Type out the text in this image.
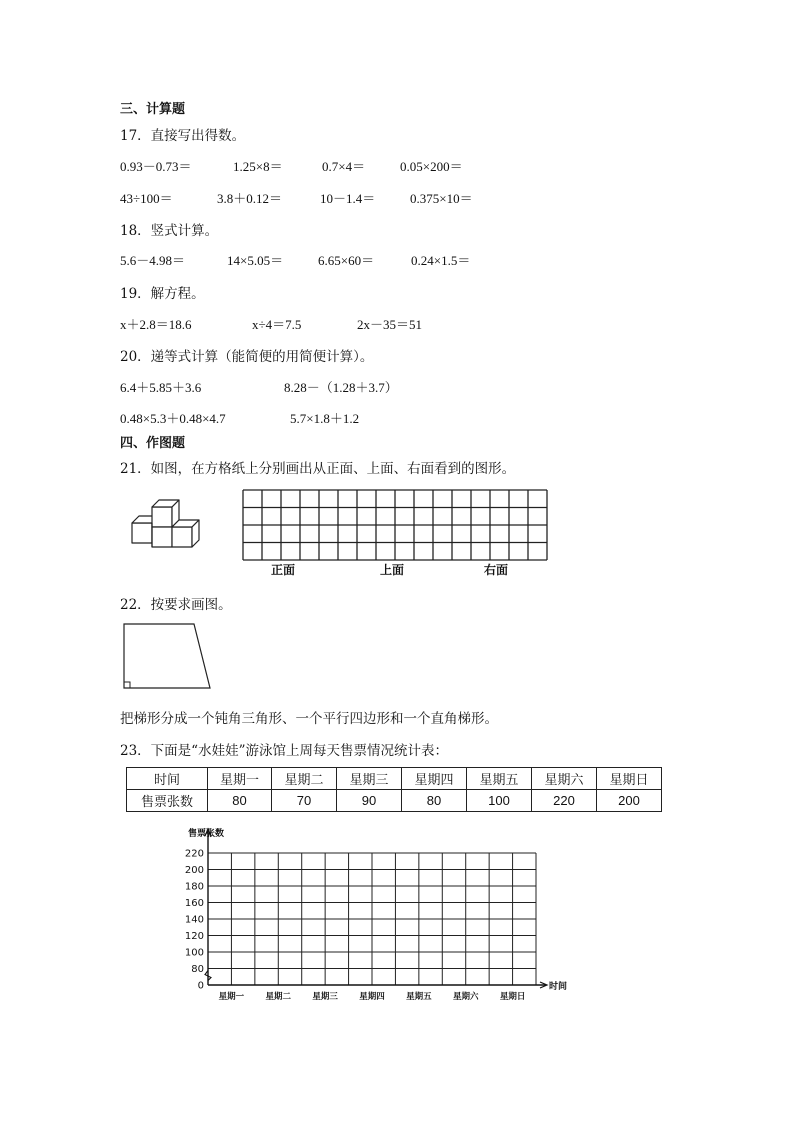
三、计算题
17．直接写出得数。
0.93－0.73＝	1.25×8＝	0.7×4＝	0.05×200＝
43÷100＝	3.8＋0.12＝	10－1.4＝	0.375×10＝
18．竖式计算。
5.6－4.98＝	14×5.05＝	6.65×60＝	0.24×1.5＝
19．解方程。
x＋2.8＝18.6	x÷4＝7.5	2x－35＝51
20．递等式计算（能简便的用简便计算）。
6.4＋5.85＋3.6	8.28－（1.28＋3.7）
0.48×5.3＋0.48×4.7	5.7×1.8＋1.2
四、作图题
21．如图，在方格纸上分别画出从正面、上面、右面看到的图形。
正面	上面	右面
22．按要求画图。
把梯形分成一个钝角三角形、一个平行四边形和一个直角梯形。
23．下面是“水娃娃”游泳馆上周每天售票情况统计表：
时间	星期一	星期二	星期三	星期四	星期五	星期六	星期日
售票张数	80	70	90	80	100	220	200
0
80
100
120
140
160
180
200
220
售票张数
时间
星期一	星期二	星期三	星期四	星期五	星期六	星期日
